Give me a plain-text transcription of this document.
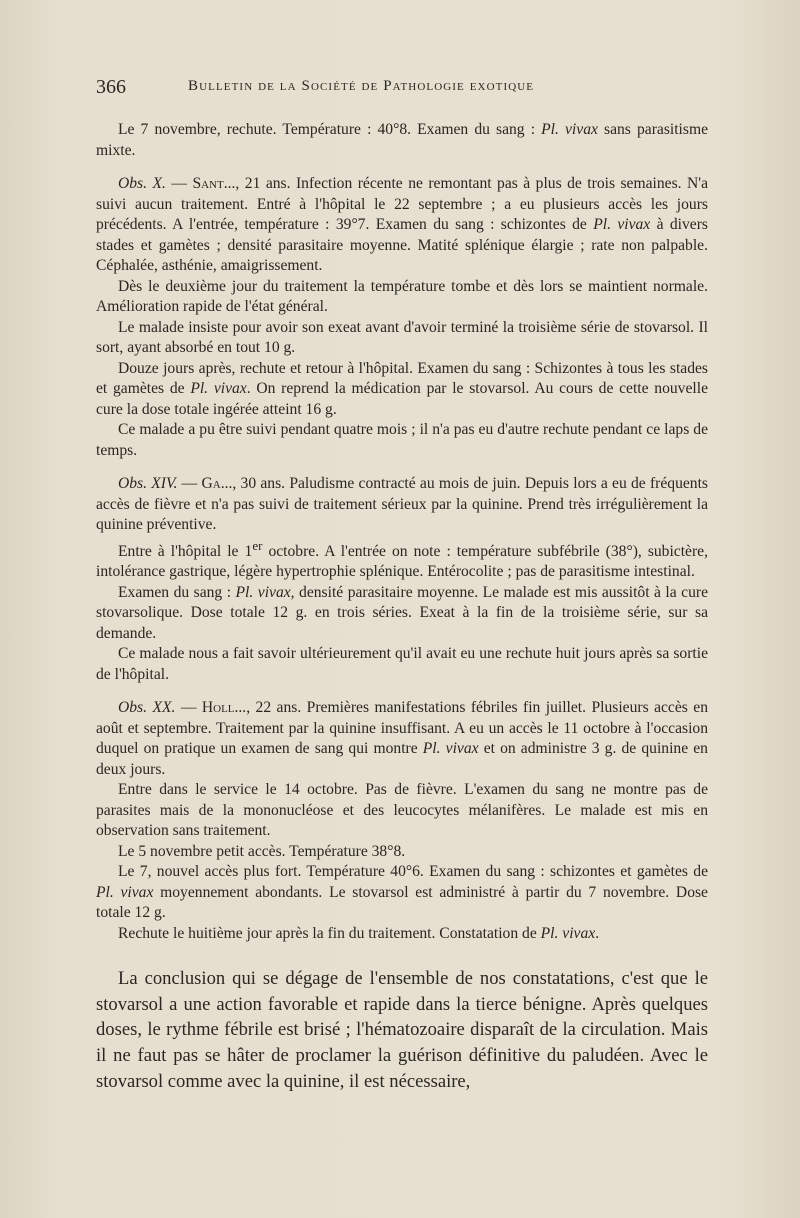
366	Bulletin de la Société de Pathologie exotique

Le 7 novembre, rechute. Température : 40°8. Examen du sang : Pl. vivax sans parasitisme mixte.

Obs. X. — Sant..., 21 ans. Infection récente ne remontant pas à plus de trois semaines. N'a suivi aucun traitement. Entré à l'hôpital le 22 septembre ; a eu plusieurs accès les jours précédents. A l'entrée, température : 39°7. Examen du sang : schizontes de Pl. vivax à divers stades et gamètes ; densité parasitaire moyenne. Matité splénique élargie ; rate non palpable. Céphalée, asthénie, amaigrissement.

Dès le deuxième jour du traitement la température tombe et dès lors se maintient normale. Amélioration rapide de l'état général.

Le malade insiste pour avoir son exeat avant d'avoir terminé la troisième série de stovarsol. Il sort, ayant absorbé en tout 10 g.

Douze jours après, rechute et retour à l'hôpital. Examen du sang : Schizontes à tous les stades et gamètes de Pl. vivax. On reprend la médication par le stovarsol. Au cours de cette nouvelle cure la dose totale ingérée atteint 16 g.

Ce malade a pu être suivi pendant quatre mois ; il n'a pas eu d'autre rechute pendant ce laps de temps.

Obs. XIV. — Ga..., 30 ans. Paludisme contracté au mois de juin. Depuis lors a eu de fréquents accès de fièvre et n'a pas suivi de traitement sérieux par la quinine. Prend très irrégulièrement la quinine préventive.

Entre à l'hôpital le 1er octobre. A l'entrée on note : température subfébrile (38°), subictère, intolérance gastrique, légère hypertrophie splénique. Entérocolite ; pas de parasitisme intestinal.

Examen du sang : Pl. vivax, densité parasitaire moyenne. Le malade est mis aussitôt à la cure stovarsolique. Dose totale 12 g. en trois séries. Exeat à la fin de la troisième série, sur sa demande.

Ce malade nous a fait savoir ultérieurement qu'il avait eu une rechute huit jours après sa sortie de l'hôpital.

Obs. XX. — Holl..., 22 ans. Premières manifestations fébriles fin juillet. Plusieurs accès en août et septembre. Traitement par la quinine insuffisant. A eu un accès le 11 octobre à l'occasion duquel on pratique un examen de sang qui montre Pl. vivax et on administre 3 g. de quinine en deux jours.

Entre dans le service le 14 octobre. Pas de fièvre. L'examen du sang ne montre pas de parasites mais de la mononucléose et des leucocytes mélanifères. Le malade est mis en observation sans traitement.

Le 5 novembre petit accès. Température 38°8.

Le 7, nouvel accès plus fort. Température 40°6. Examen du sang : schizontes et gamètes de Pl. vivax moyennement abondants. Le stovarsol est administré à partir du 7 novembre. Dose totale 12 g.

Rechute le huitième jour après la fin du traitement. Constatation de Pl. vivax.

La conclusion qui se dégage de l'ensemble de nos constatations, c'est que le stovarsol a une action favorable et rapide dans la tierce bénigne. Après quelques doses, le rythme fébrile est brisé ; l'hématozoaire disparaît de la circulation. Mais il ne faut pas se hâter de proclamer la guérison définitive du paludéen. Avec le stovarsol comme avec la quinine, il est nécessaire,
